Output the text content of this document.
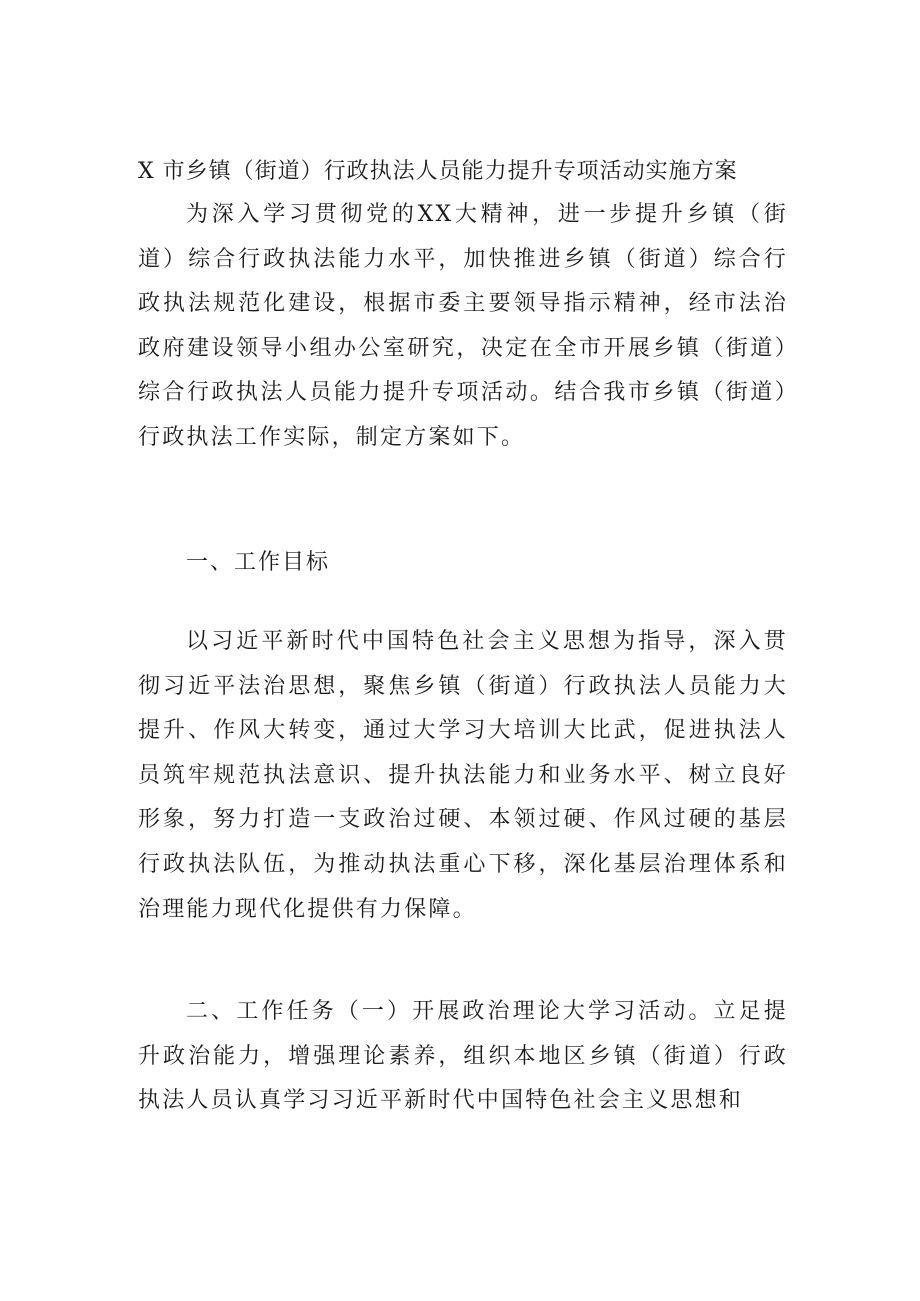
X 市乡镇（街道）行政执法人员能力提升专项活动实施方案

为深入学习贯彻党的XX大精神，进一步提升乡镇（街道）综合行政执法能力水平，加快推进乡镇（街道）综合行政执法规范化建设，根据市委主要领导指示精神，经市法治政府建设领导小组办公室研究，决定在全市开展乡镇（街道）综合行政执法人员能力提升专项活动。结合我市乡镇（街道）行政执法工作实际，制定方案如下。

一、工作目标

以习近平新时代中国特色社会主义思想为指导，深入贯彻习近平法治思想，聚焦乡镇（街道）行政执法人员能力大提升、作风大转变，通过大学习大培训大比武，促进执法人员筑牢规范执法意识、提升执法能力和业务水平、树立良好形象，努力打造一支政治过硬、本领过硬、作风过硬的基层行政执法队伍，为推动执法重心下移，深化基层治理体系和治理能力现代化提供有力保障。

二、工作任务（一）开展政治理论大学习活动。立足提升政治能力，增强理论素养，组织本地区乡镇（街道）行政执法人员认真学习习近平新时代中国特色社会主义思想和
